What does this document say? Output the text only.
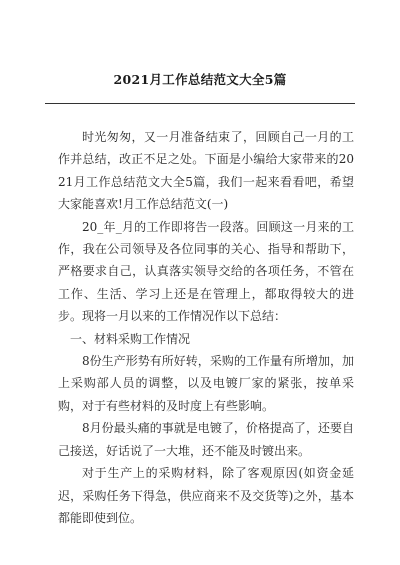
2021月工作总结范文大全5篇

时光匆匆，又一月准备结束了，回顾自己一月的工作并总结，改正不足之处。下面是小编给大家带来的2021月工作总结范文大全5篇，我们一起来看看吧，希望大家能喜欢!月工作总结范文(一)

20_年_月的工作即将告一段落。回顾这一月来的工作，我在公司领导及各位同事的关心、指导和帮助下，严格要求自己，认真落实领导交给的各项任务，不管在工作、生活、学习上还是在管理上，都取得较大的进步。现将一月以来的工作情况作以下总结：

一、材料采购工作情况

8份生产形势有所好转，采购的工作量有所增加，加上采购部人员的调整，以及电镀厂家的紧张，按单采购，对于有些材料的及时度上有些影响。

8月份最头痛的事就是电镀了，价格提高了，还要自己接送，好话说了一大堆，还不能及时镀出来。

对于生产上的采购材料，除了客观原因(如资金延迟，采购任务下得急，供应商来不及交货等)之外，基本都能即使到位。
